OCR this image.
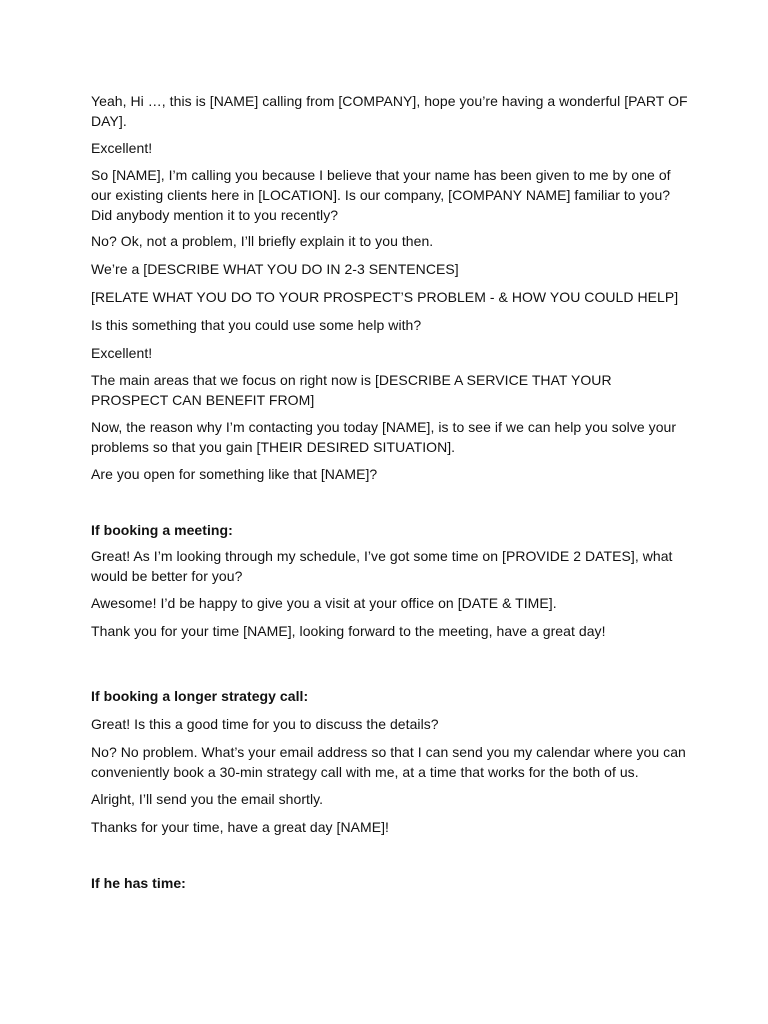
Yeah, Hi …, this is [NAME] calling from [COMPANY], hope you’re having a wonderful [PART OF DAY].

Excellent!

So [NAME], I’m calling you because I believe that your name has been given to me by one of our existing clients here in [LOCATION]. Is our company, [COMPANY NAME] familiar to you? Did anybody mention it to you recently?

No? Ok, not a problem, I’ll briefly explain it to you then.

We’re a [DESCRIBE WHAT YOU DO IN 2-3 SENTENCES]

[RELATE WHAT YOU DO TO YOUR PROSPECT’S PROBLEM - & HOW YOU COULD HELP]

Is this something that you could use some help with?

Excellent!

The main areas that we focus on right now is [DESCRIBE A SERVICE THAT YOUR PROSPECT CAN BENEFIT FROM]

Now, the reason why I’m contacting you today [NAME], is to see if we can help you solve your problems so that you gain [THEIR DESIRED SITUATION].

Are you open for something like that [NAME]?

If booking a meeting:

Great! As I’m looking through my schedule, I’ve got some time on [PROVIDE 2 DATES], what would be better for you?

Awesome! I’d be happy to give you a visit at your office on [DATE & TIME].

Thank you for your time [NAME], looking forward to the meeting, have a great day!

If booking a longer strategy call:

Great! Is this a good time for you to discuss the details?

No? No problem. What’s your email address so that I can send you my calendar where you can conveniently book a 30-min strategy call with me, at a time that works for the both of us.

Alright, I’ll send you the email shortly.

Thanks for your time, have a great day [NAME]!

If he has time:
